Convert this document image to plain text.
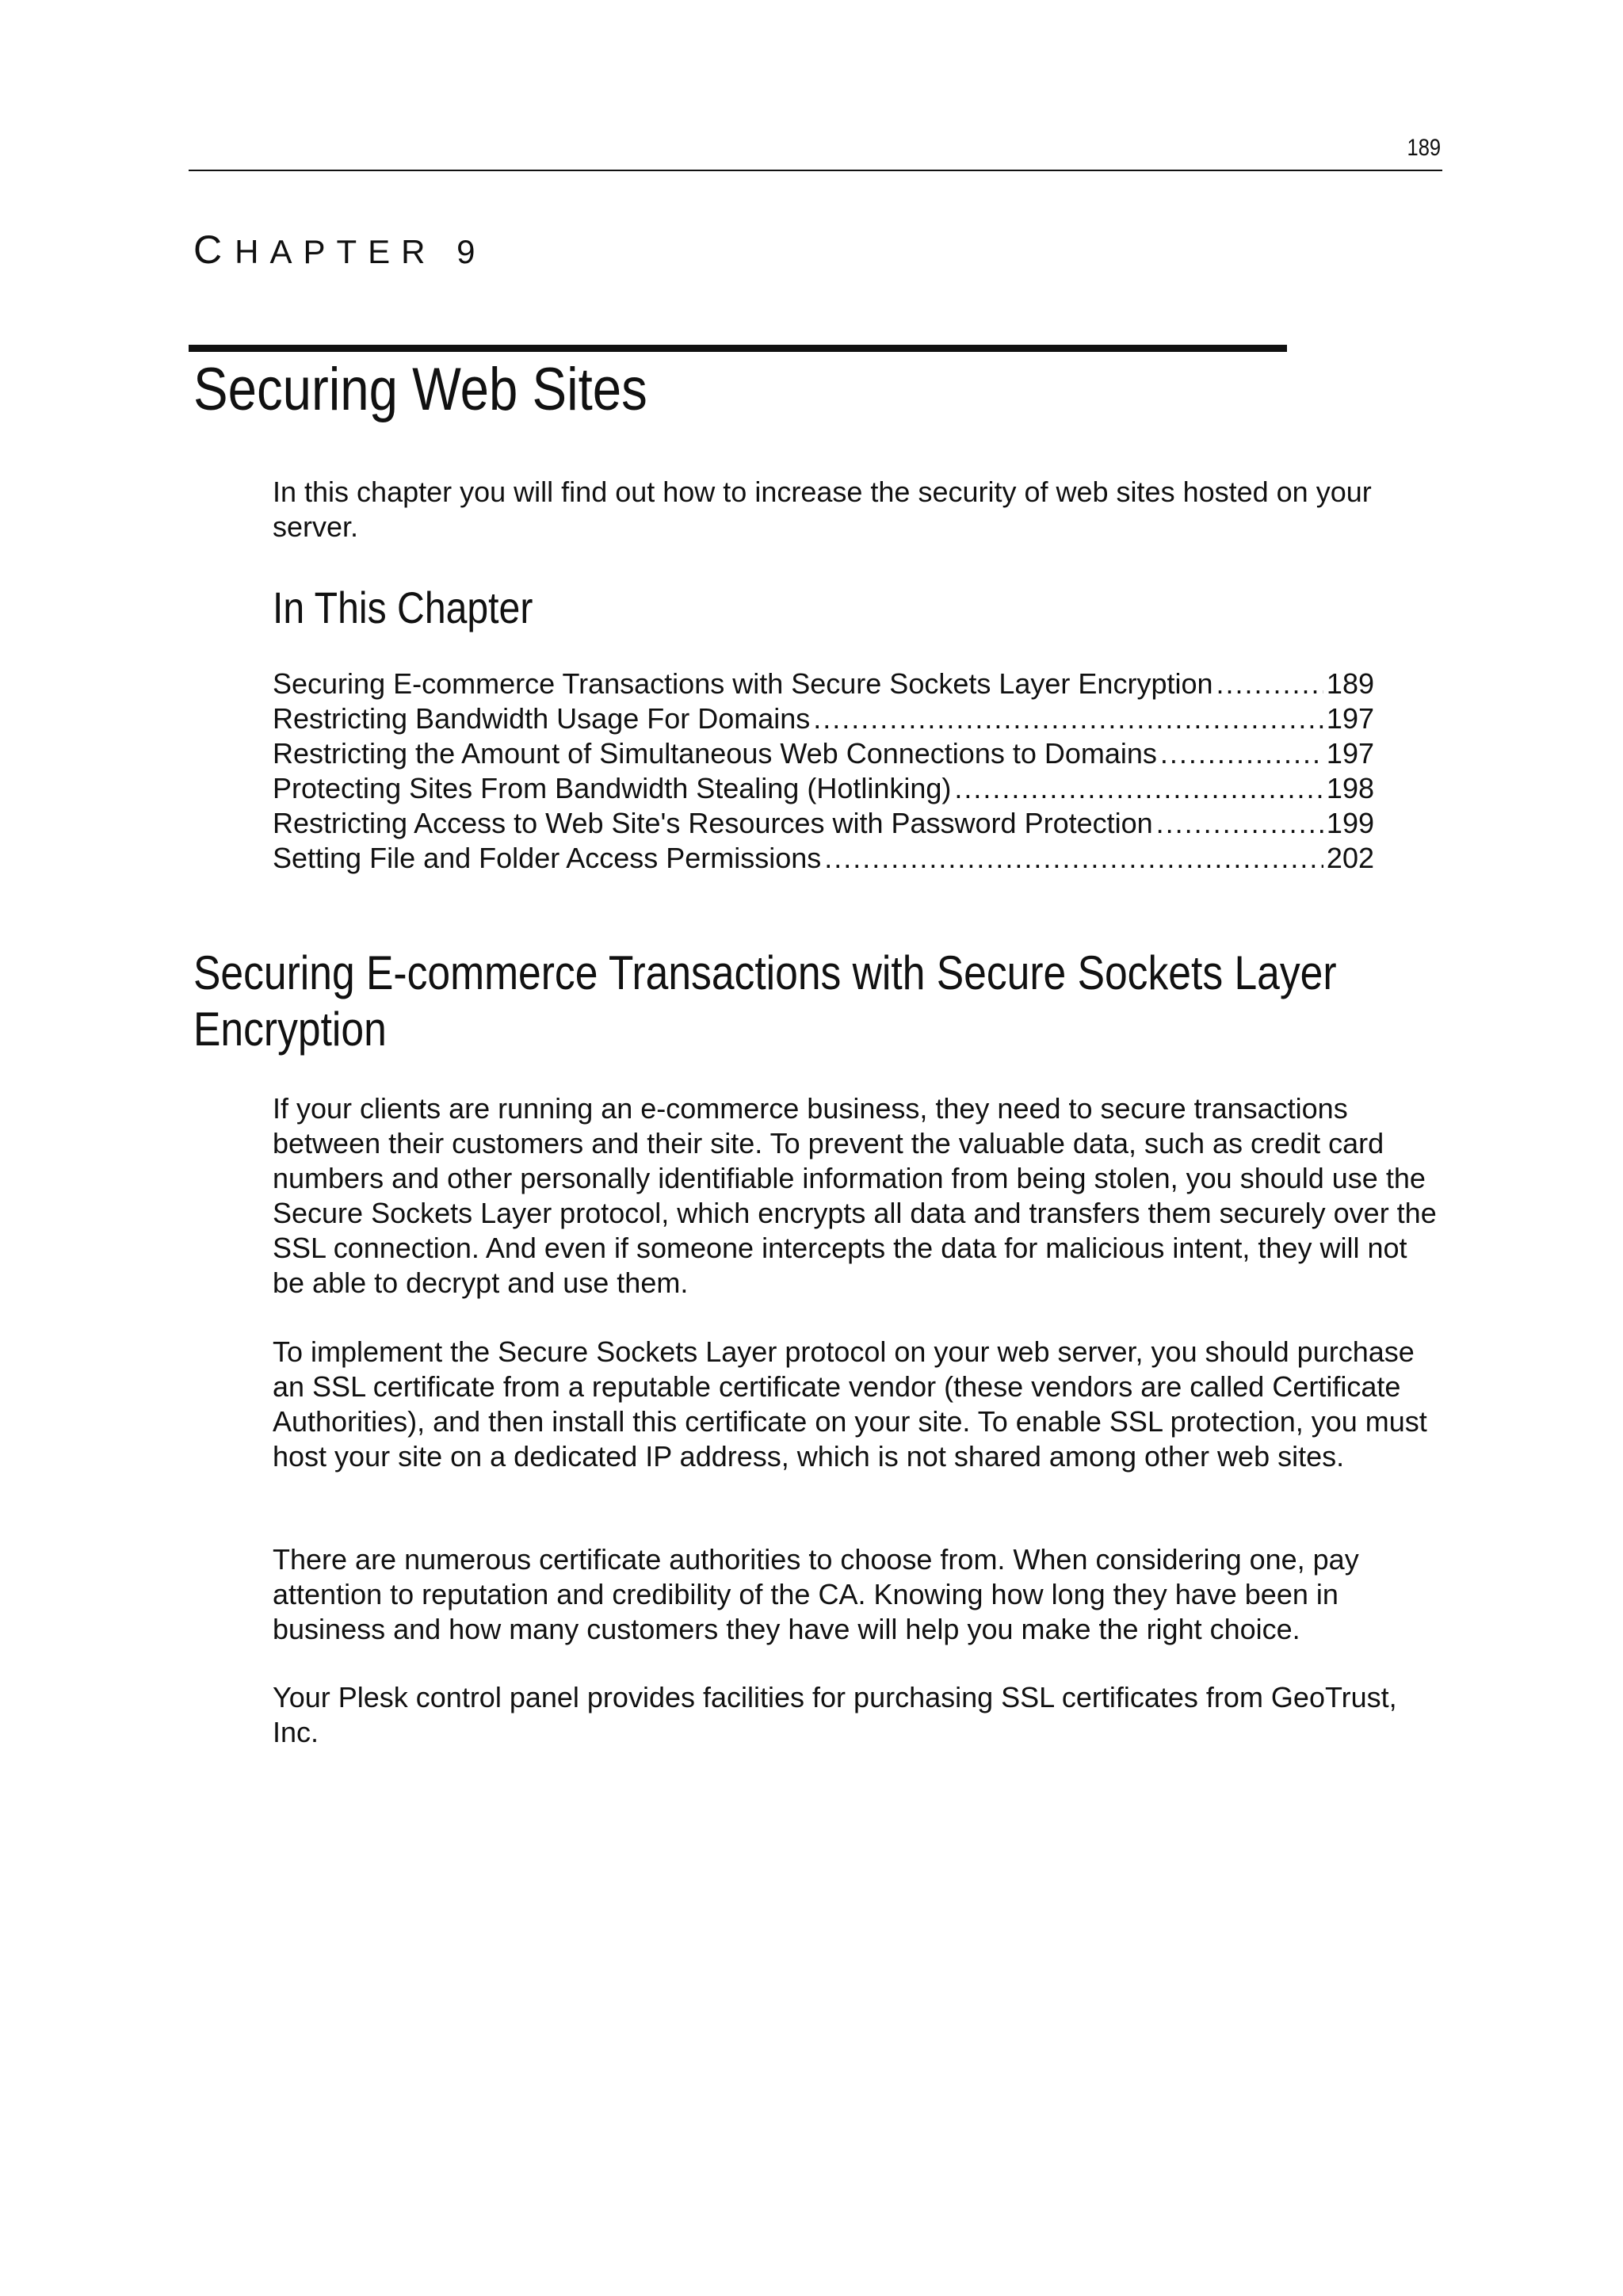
189
CHAPTER 9
Securing Web Sites

In this chapter you will find out how to increase the security of web sites hosted on your server.

In This Chapter
Securing E-commerce Transactions with Secure Sockets Layer Encryption .....	189
Restricting Bandwidth Usage For Domains .....	197
Restricting the Amount of Simultaneous Web Connections to Domains .....	197
Protecting Sites From Bandwidth Stealing (Hotlinking) .....	198
Restricting Access to Web Site's Resources with Password Protection .....	199
Setting File and Folder Access Permissions .....	202
Securing E-commerce Transactions with Secure Sockets Layer
Encryption

If your clients are running an e-commerce business, they need to secure transactions between their customers and their site. To prevent the valuable data, such as credit card numbers and other personally identifiable information from being stolen, you should use the Secure Sockets Layer protocol, which encrypts all data and transfers them securely over the SSL connection. And even if someone intercepts the data for malicious intent, they will not be able to decrypt and use them.

To implement the Secure Sockets Layer protocol on your web server, you should purchase an SSL certificate from a reputable certificate vendor (these vendors are called Certificate Authorities), and then install this certificate on your site. To enable SSL protection, you must host your site on a dedicated IP address, which is not shared among other web sites.

There are numerous certificate authorities to choose from. When considering one, pay attention to reputation and credibility of the CA. Knowing how long they have been in business and how many customers they have will help you make the right choice.

Your Plesk control panel provides facilities for purchasing SSL certificates from GeoTrust, Inc.
